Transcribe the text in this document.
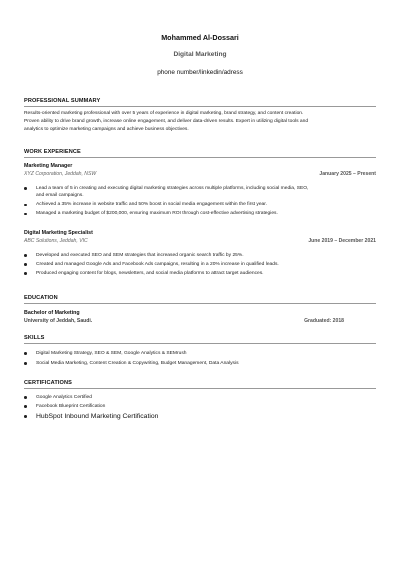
Mohammed Al-Dossari
Digital Marketing
phone number/linkedin/adress
PROFESSIONAL SUMMARY
Results-oriented marketing professional with over 5 years of experience in digital marketing, brand strategy, and content creation.
Proven ability to drive brand growth, increase online engagement, and deliver data-driven results. Expert in utilizing digital tools and
analytics to optimize marketing campaigns and achieve business objectives.
WORK EXPERIENCE
Marketing Manager
XYZ Corporation, Jeddah, NSW	January 2025 – Present
Lead a team of 5 in creating and executing digital marketing strategies across multiple platforms, including social media, SEO,
and email campaigns.
Achieved a 35% increase in website traffic and 50% boost in social media engagement within the first year.
Managed a marketing budget of $200,000, ensuring maximum ROI through cost-effective advertising strategies.
Digital Marketing Specialist
ABC Solutions, Jeddah, VIC	June 2019 – December 2021
Developed and executed SEO and SEM strategies that increased organic search traffic by 25%.
Created and managed Google Ads and Facebook Ads campaigns, resulting in a 20% increase in qualified leads.
Produced engaging content for blogs, newsletters, and social media platforms to attract target audiences.
EDUCATION
Bachelor of Marketing
University of Jeddah, Saudi.	Graduated: 2018
SKILLS
Digital Marketing Strategy, SEO & SEM, Google Analytics & SEMrush
Social Media Marketing, Content Creation & Copywriting, Budget Management, Data Analysis
CERTIFICATIONS
Google Analytics Certified
Facebook Blueprint Certification
HubSpot Inbound Marketing Certification
